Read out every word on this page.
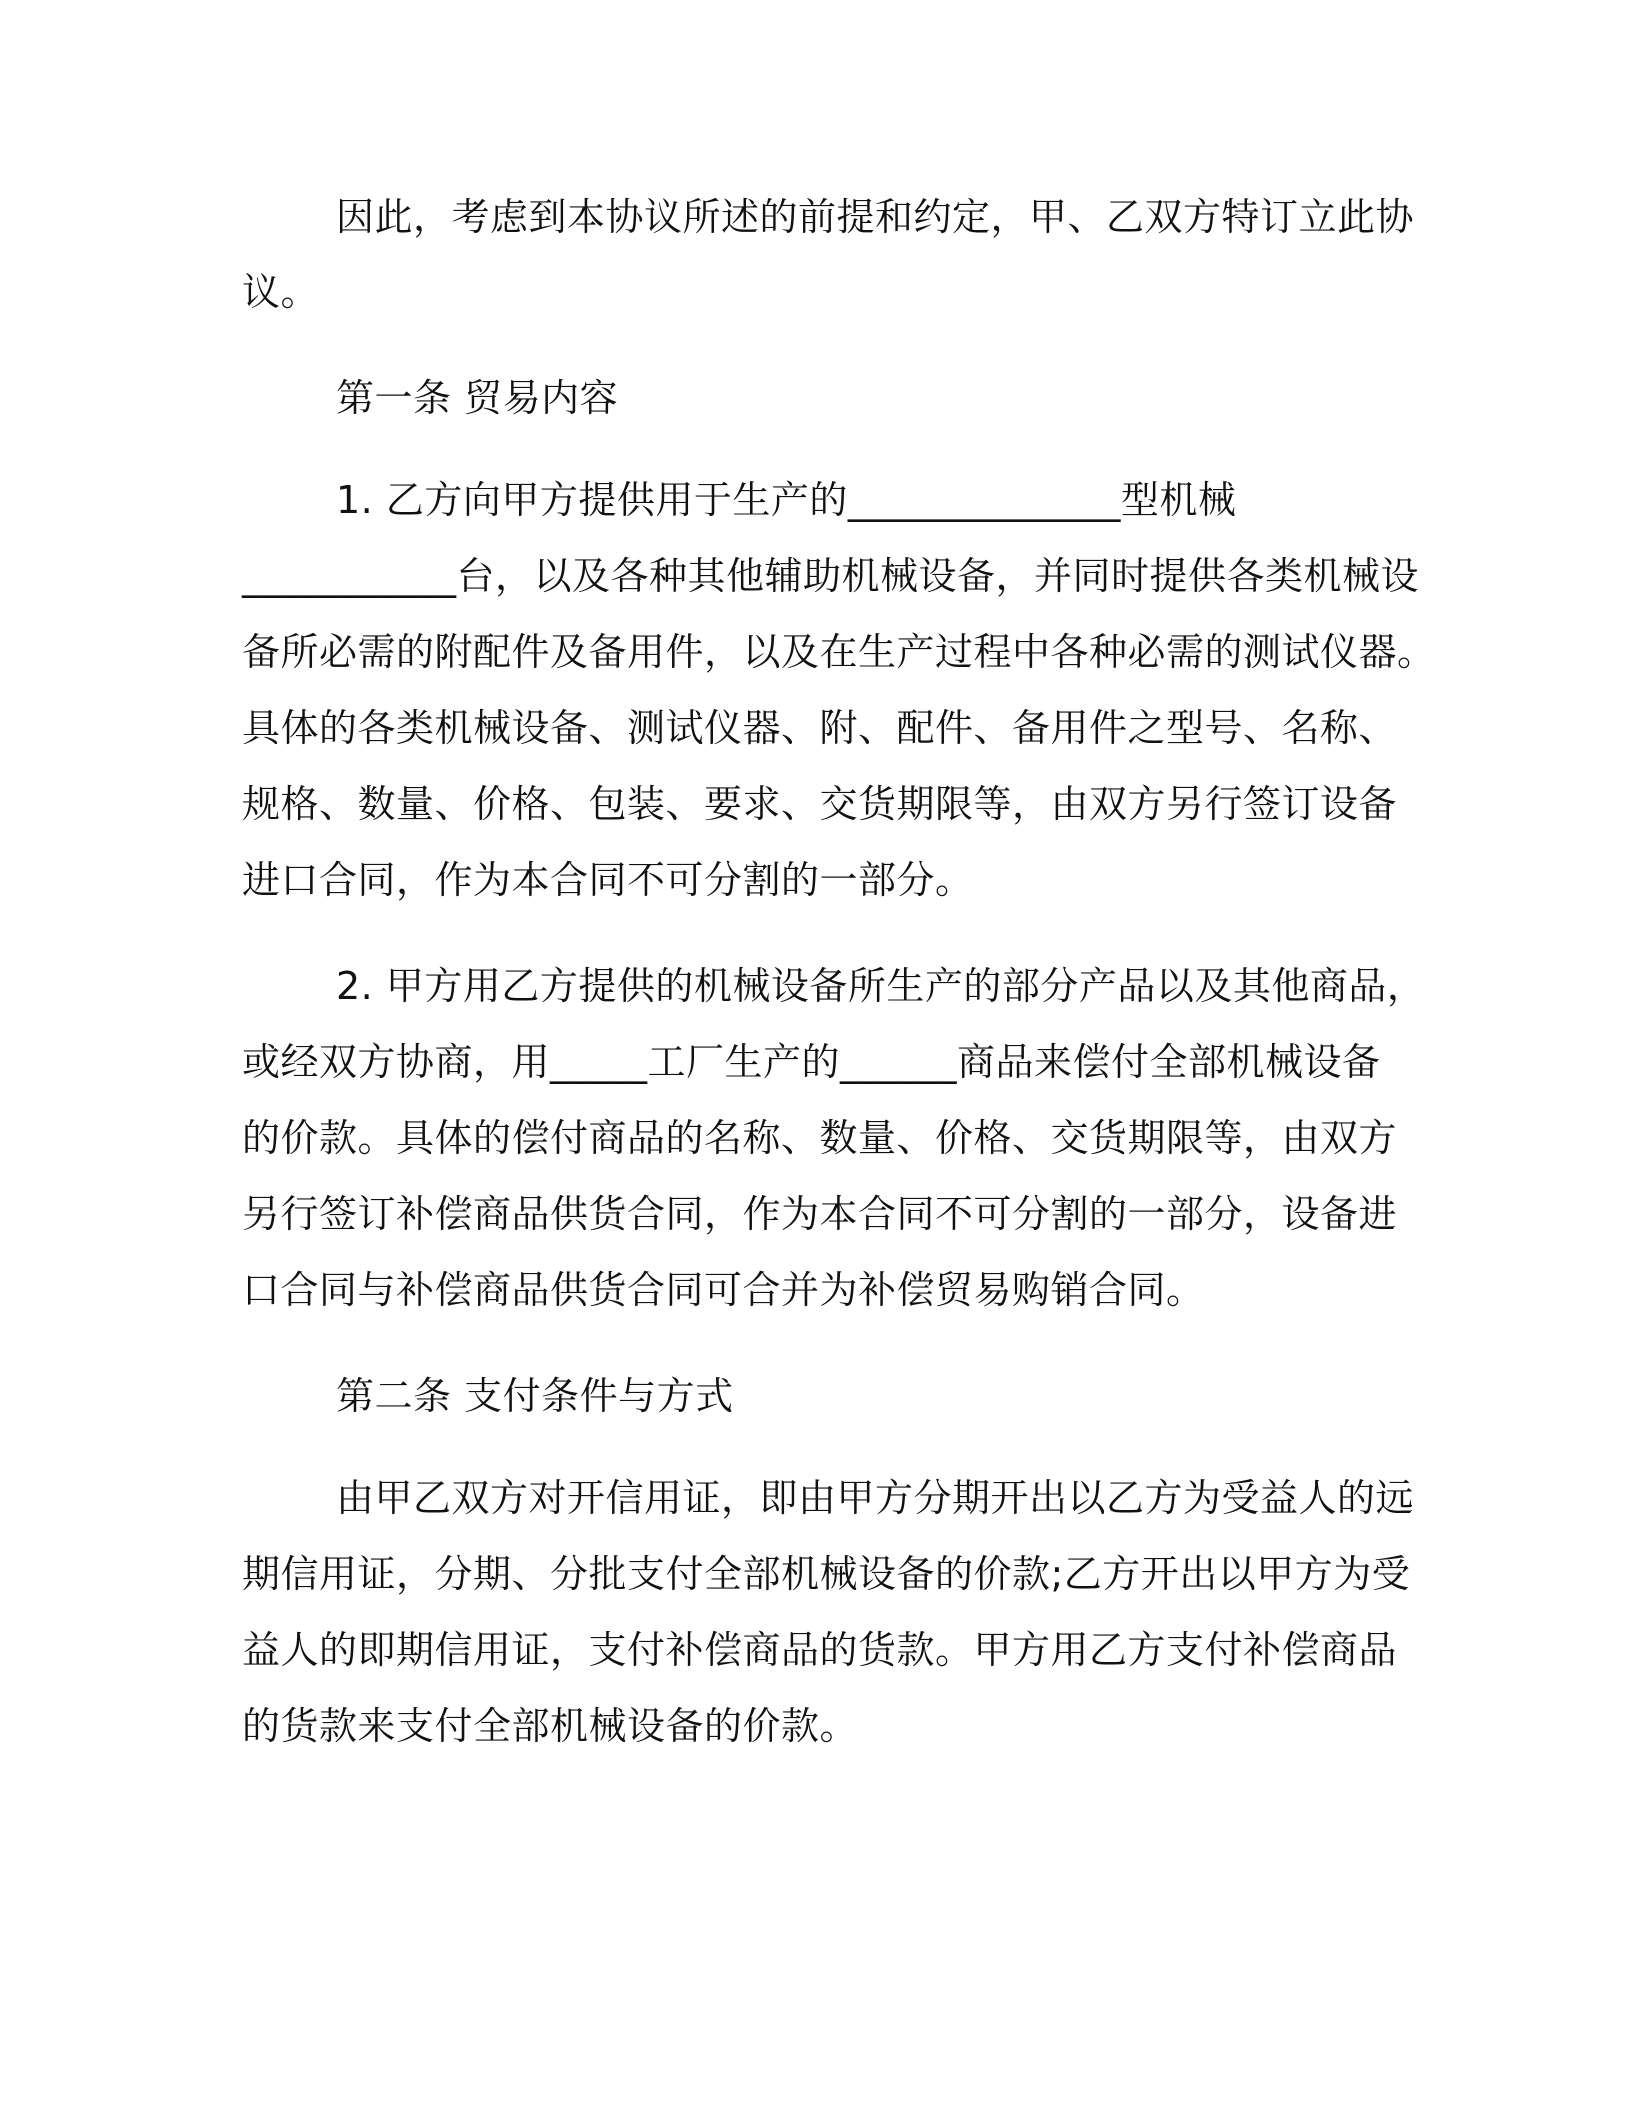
因此，考虑到本协议所述的前提和约定，甲、乙双方特订立此协
议。
第一条 贸易内容
1. 乙方向甲方提供用于生产的______________型机械
___________台，以及各种其他辅助机械设备，并同时提供各类机械设
备所必需的附配件及备用件，以及在生产过程中各种必需的测试仪器。
具体的各类机械设备、测试仪器、附、配件、备用件之型号、名称、
规格、数量、价格、包装、要求、交货期限等，由双方另行签订设备
进口合同，作为本合同不可分割的一部分。
2. 甲方用乙方提供的机械设备所生产的部分产品以及其他商品，
或经双方协商，用_____工厂生产的______商品来偿付全部机械设备
的价款。具体的偿付商品的名称、数量、价格、交货期限等，由双方
另行签订补偿商品供货合同，作为本合同不可分割的一部分，设备进
口合同与补偿商品供货合同可合并为补偿贸易购销合同。
第二条 支付条件与方式
由甲乙双方对开信用证，即由甲方分期开出以乙方为受益人的远
期信用证，分期、分批支付全部机械设备的价款;乙方开出以甲方为受
益人的即期信用证，支付补偿商品的货款。甲方用乙方支付补偿商品
的货款来支付全部机械设备的价款。
